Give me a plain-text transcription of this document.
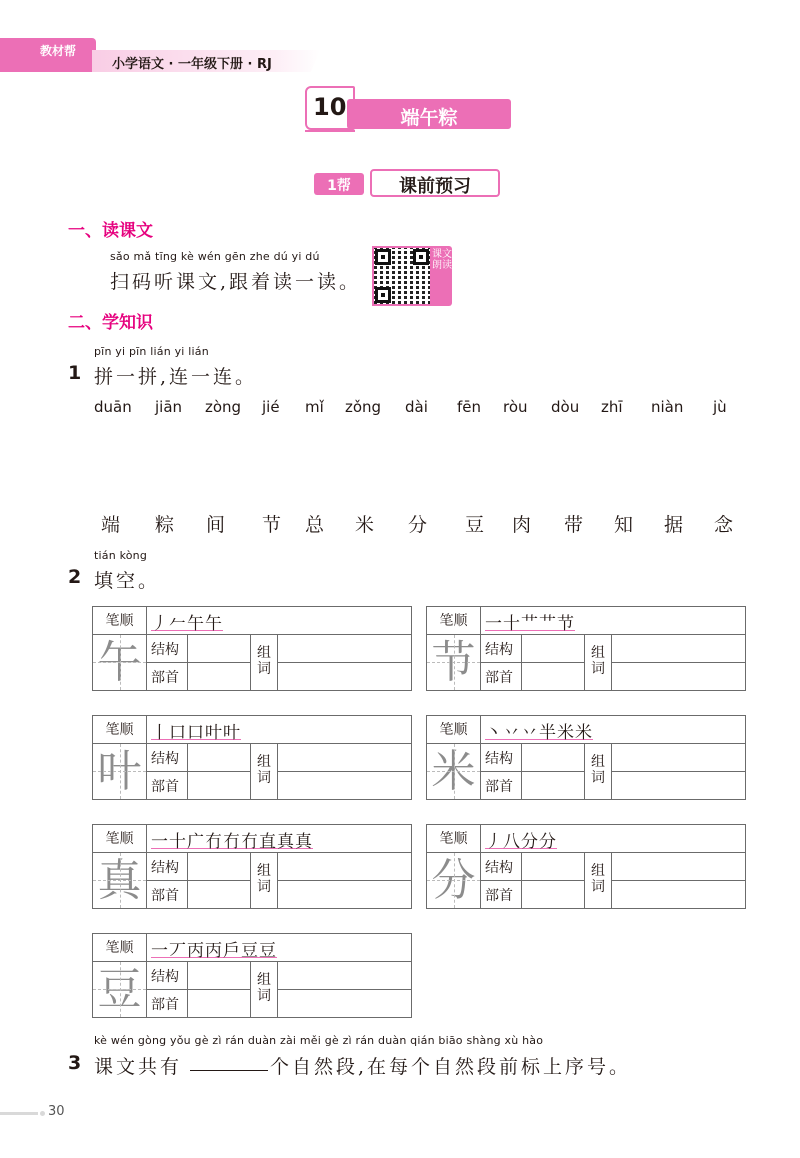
教材帮
小学语文 · 一年级下册 · RJ
10	端午粽
1帮	课前预习
一、读课文
sǎo mǎ tīng kè wén gēn zhe dú yi dú
扫码听课文,跟着读一读。
课文朗读
二、学知识
pīn yi pīn lián yi lián
1 拼一拼,连一连。
duān jiān zòng jié mǐ zǒng dài fēn ròu dòu zhī niàn jù
端 粽 间 节 总 米 分 豆 肉 带 知 据 念
tián kòng
2 填空。
笔顺	丿𠂉午午
午 结构
部首
组词
笔顺	一十艹艹节
节 结构
部首
组词
笔顺	丨口口叶叶
叶 结构
部首
组词
笔顺	丶丷丷半米米
米 结构
部首
组词
笔顺	一十广冇冇冇直真真
真 结构
部首
组词
笔顺	丿八分分
分 结构
部首
组词
笔顺	一丆丙丙戶豆豆
豆 结构
部首
组词
kè wén gòng yǒu gè zì rán duàn zài měi gè zì rán duàn qián biāo shàng xù hào
3 课文共有	个自然段,在每个自然段前标上序号。
30
